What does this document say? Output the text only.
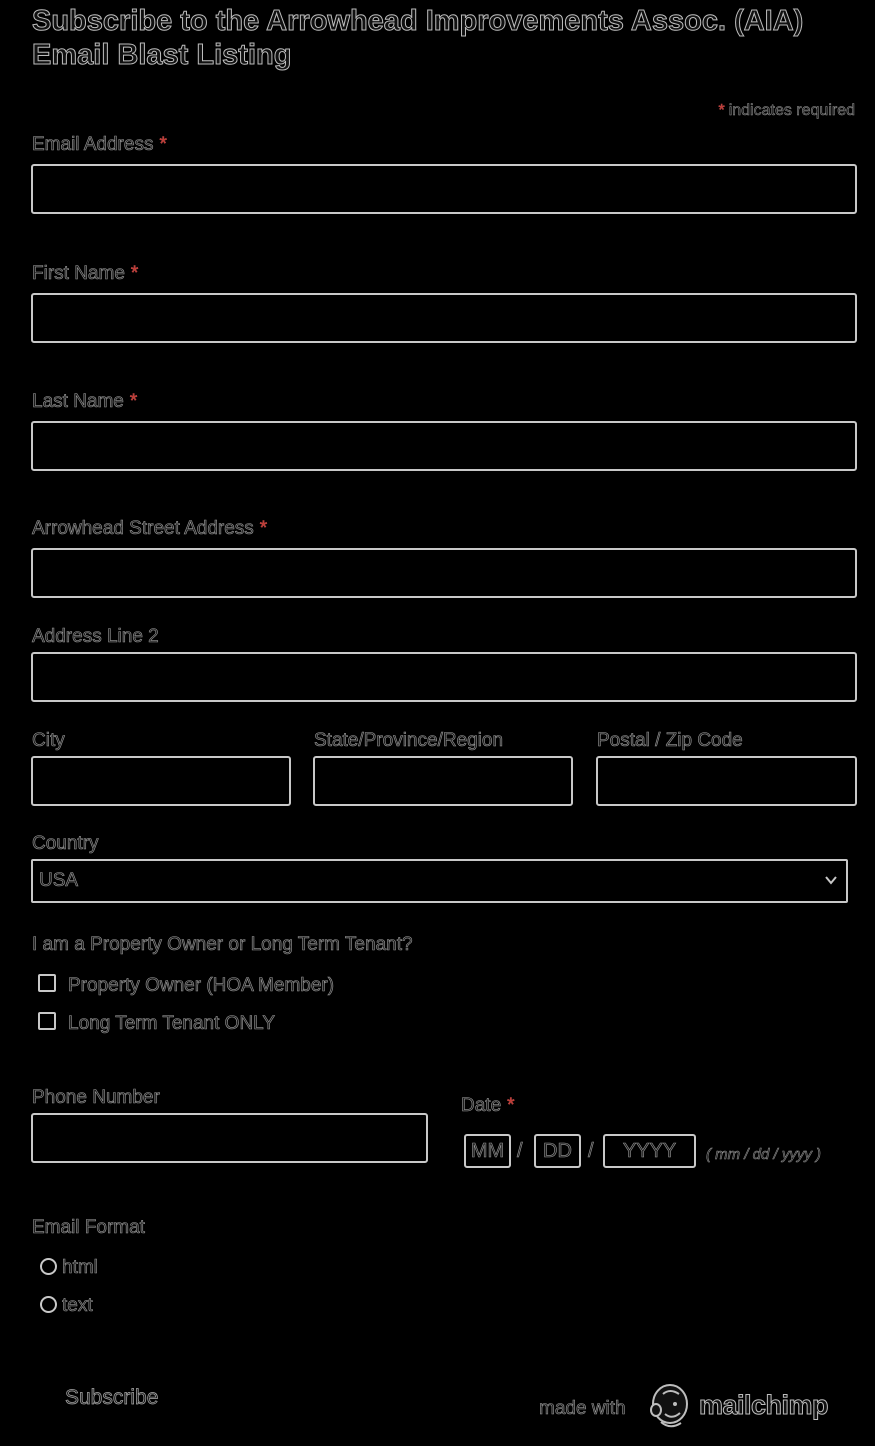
Subscribe to the Arrowhead Improvements Assoc. (AIA) Email Blast Listing
* indicates required
Email Address *
First Name *
Last Name *
Arrowhead Street Address *
Address Line 2
City	State/Province/Region	Postal / Zip Code
Country
USA
I am a Property Owner or Long Term Tenant?
Property Owner (HOA Member)
Long Term Tenant ONLY
Phone Number	Date *
MM /	DD /	YYYY	( mm / dd / yyyy )
Email Format
html
text
Subscribe	made with	mailchimp
